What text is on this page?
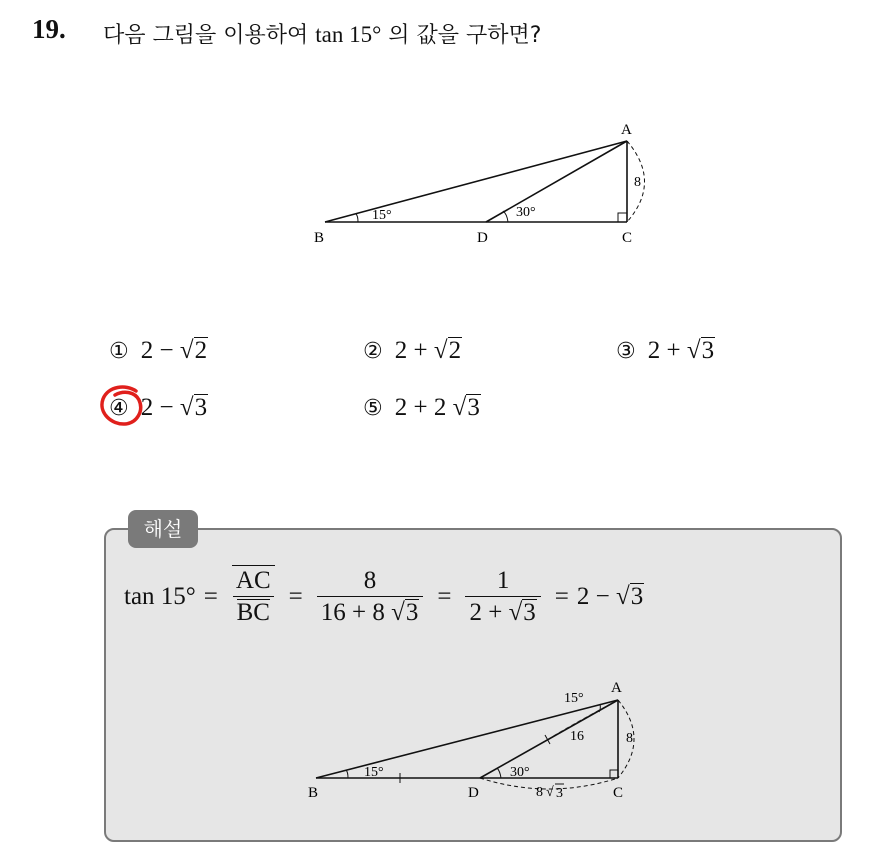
19. 다음 그림을 이용하여 tan 15° 의 값을 구하면?
A
B	C
D
15°	30°
8
① 2 − √2	② 2 + √2	③ 2 + √3
④ 2 − √3	⑤ 2 + 2 √3
해설
$\tan 15^\circ = \frac{AC}{BC} = \frac{8}{16 + 8 √3} = \frac{1}{2 + √3} = 2 - √3$
A
B	C
D
15°	30°
15°
8
16
8 √ 3
